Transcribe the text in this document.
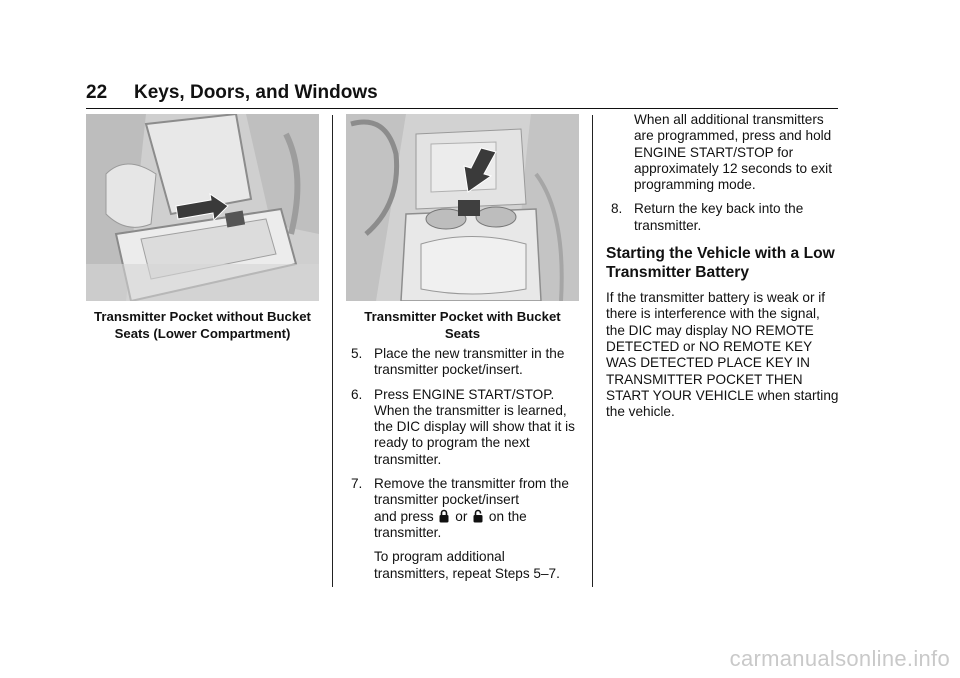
22 Keys, Doors, and Windows
Transmitter Pocket without Bucket
Seats (Lower Compartment)
Transmitter Pocket with Bucket
Seats
5. Place the new transmitter in the transmitter pocket/insert.

6. Press ENGINE START/STOP. When the transmitter is learned, the DIC display will show that it is ready to program the next transmitter.

7. Remove the transmitter from the transmitter pocket/insert
and press or on the
transmitter.

To program additional transmitters, repeat Steps 5–7.

When all additional transmitters are programmed, press and hold ENGINE START/STOP for approximately 12 seconds to exit programming mode.

8. Return the key back into the transmitter.

Starting the Vehicle with a Low Transmitter Battery

If the transmitter battery is weak or if there is interference with the signal, the DIC may display NO REMOTE DETECTED or NO REMOTE KEY WAS DETECTED PLACE KEY IN TRANSMITTER POCKET THEN START YOUR VEHICLE when starting the vehicle.

carmanualsonline.info
